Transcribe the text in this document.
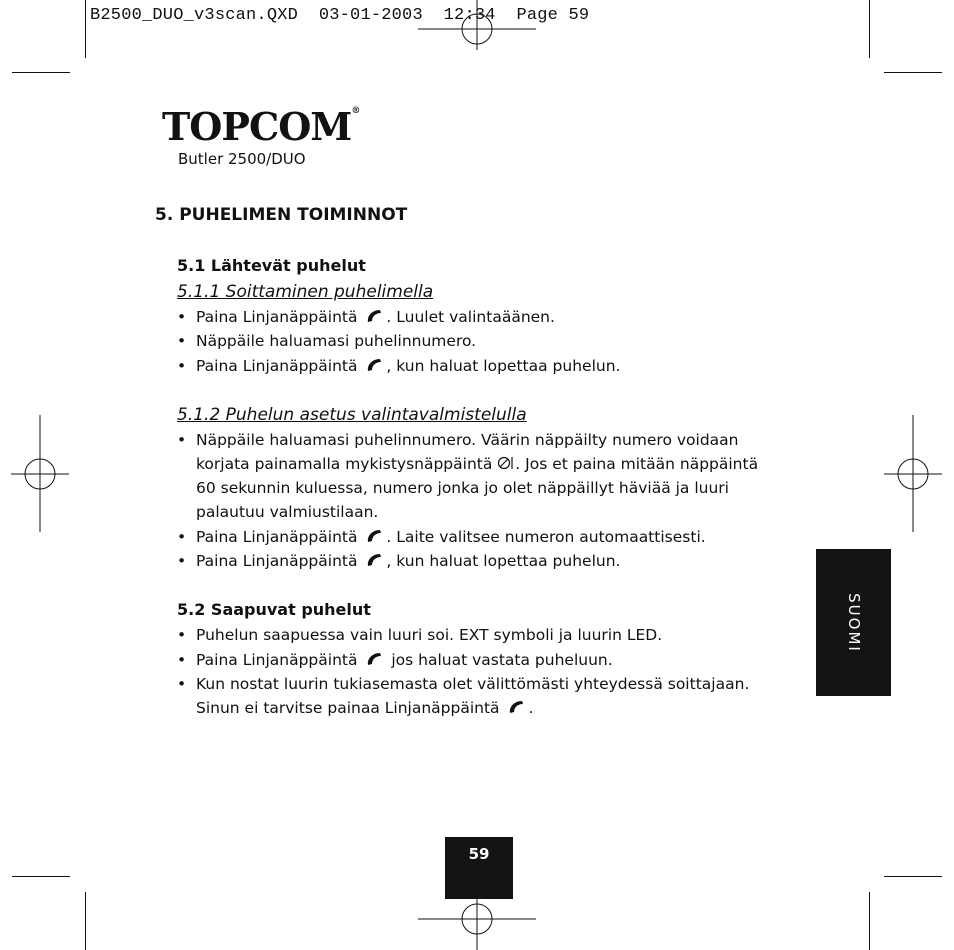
B2500_DUO_v3scan.QXD  03-01-2003  12:34  Page 59
TOPCOM®
Butler 2500/DUO
5. PUHELIMEN TOIMINNOT
5.1 Lähtevät puhelut
5.1.1 Soittaminen puhelimella
• Paina Linjanäppäintä . Luulet valintaäänen.
• Näppäile haluamasi puhelinnumero.
• Paina Linjanäppäintä , kun haluat lopettaa puhelun.
5.1.2 Puhelun asetus valintavalmistelulla
• Näppäile haluamasi puhelinnumero. Väärin näppäilty numero voidaan
korjata painamalla mykistysnäppäintä . Jos et paina mitään näppäintä
60 sekunnin kuluessa, numero jonka jo olet näppäillyt häviää ja luuri
palautuu valmiustilaan.
• Paina Linjanäppäintä . Laite valitsee numeron automaattisesti.
• Paina Linjanäppäintä , kun haluat lopettaa puhelun.
5.2 Saapuvat puhelut
• Puhelun saapuessa vain luuri soi. EXT symboli ja luurin LED.
• Paina Linjanäppäintä jos haluat vastata puheluun.
• Kun nostat luurin tukiasemasta olet välittömästi yhteydessä soittajaan.
Sinun ei tarvitse painaa Linjanäppäintä .
SUOMI
59
